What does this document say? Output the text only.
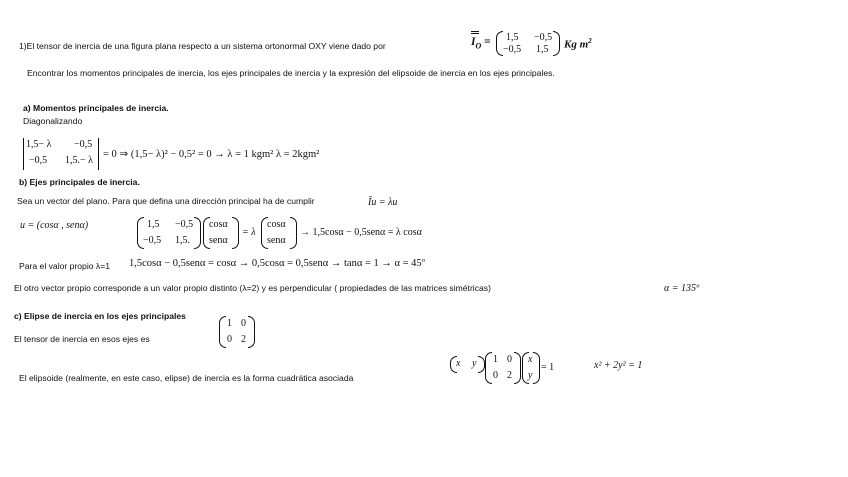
1)El tensor de inercia de una figura plana respecto a un sistema ortonormal OXY viene dado por	$I_O = 1,5 -0,5$
−0,5 1,5 Kg $m^2$
Encontrar los momentos principales de inercia, los ejes principales de inercia y la expresión del elipsoide de inercia en los ejes principales.
a) Momentos principales de inercia.
Diagonalizando
1,5− λ −0,5
−0,5 1,5.− λ
= 0 ⇒ (1,5− λ)² − 0,5² = 0 → λ = 1 kgm² λ = 2kgm²
b) Ejes principales de inercia.
Sea un vector del plano. Para que defina una dirección principal ha de cumplir	Īu = λu
u = (cosα , senα)	1,5 −0,5
−0,5 1,5.
cosα
senα
= λ
cosα
senα
→ 1,5cosα − 0,5senα = λ cosα
Para el valor propio λ=1 1,5cosα − 0,5senα = cosα → 0,5cosα = 0,5senα → tanα = 1 → α = 45º
El otro vector propio corresponde a un valor propio distinto (λ=2) y es perpendicular ( propiedades de las matrices simétricas)	α = 135º
c) Elipse de inercia en los ejes principales
El tensor de inercia en esos ejes es
1 0
0 2
El elipsoide (realmente, en este caso, elipse) de inercia es la forma cuadrática asociada
x y 1 0
0 2
x
y
= 1	x² + 2y² = 1
